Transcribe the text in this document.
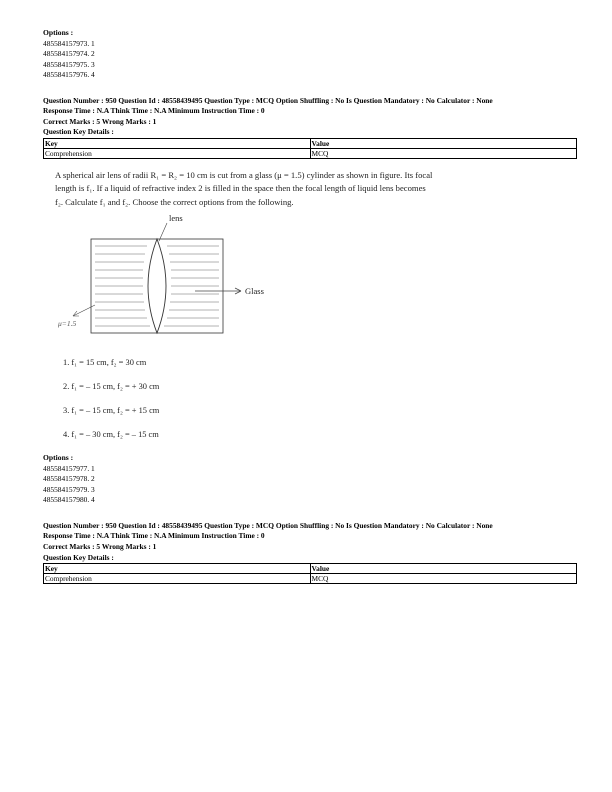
Options :
485584157973. 1
485584157974. 2
485584157975. 3
485584157976. 4
Question Number : 950 Question Id : 48558439495 Question Type : MCQ Option Shuffling : No Is Question Mandatory : No Calculator : None
Response Time : N.A Think Time : N.A Minimum Instruction Time : 0
Correct Marks : 5 Wrong Marks : 1
Question Key Details :
Key	Value
Comprehension	MCQ
A spherical air lens of radii R₁ = R₂ = 10 cm is cut from a glass (μ = 1.5) cylinder as shown in figure. Its focal
length is f₁. If a liquid of refractive index 2 is filled in the space then the focal length of liquid lens becomes
f₂. Calculate f₁ and f₂. Choose the correct options from the following.
lens
Glass
μ=1.5
1. f₁ = 15 cm, f₂ = 30 cm
2. f₁ = – 15 cm, f₂ = + 30 cm
3. f₁ = – 15 cm, f₂ = + 15 cm
4. f₁ = – 30 cm, f₂ = – 15 cm
Options :
485584157977. 1
485584157978. 2
485584157979. 3
485584157980. 4
Question Number : 950 Question Id : 48558439495 Question Type : MCQ Option Shuffling : No Is Question Mandatory : No Calculator : None
Response Time : N.A Think Time : N.A Minimum Instruction Time : 0
Correct Marks : 5 Wrong Marks : 1
Question Key Details :
Key	Value
Comprehension	MCQ
